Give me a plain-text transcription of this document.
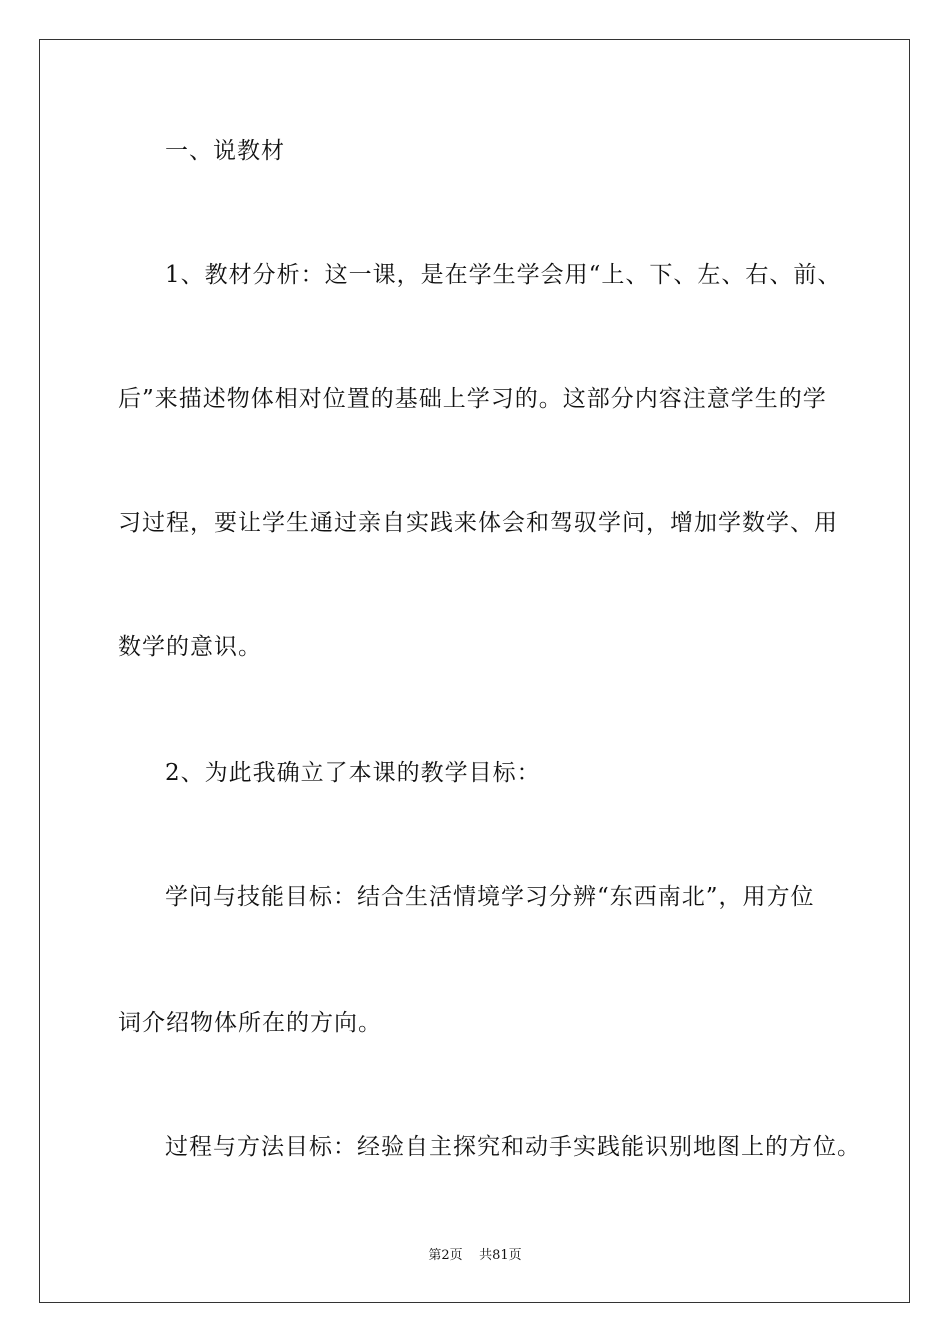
一、说教材
1、教材分析：这一课，是在学生学会用“上、下、左、右、前、
后”来描述物体相对位置的基础上学习的。这部分内容注意学生的学
习过程，要让学生通过亲自实践来体会和驾驭学问，增加学数学、用
数学的意识。
2、为此我确立了本课的教学目标：
学问与技能目标：结合生活情境学习分辨“东西南北”，用方位
词介绍物体所在的方向。
过程与方法目标：经验自主探究和动手实践能识别地图上的方位。
第2页 共81页
